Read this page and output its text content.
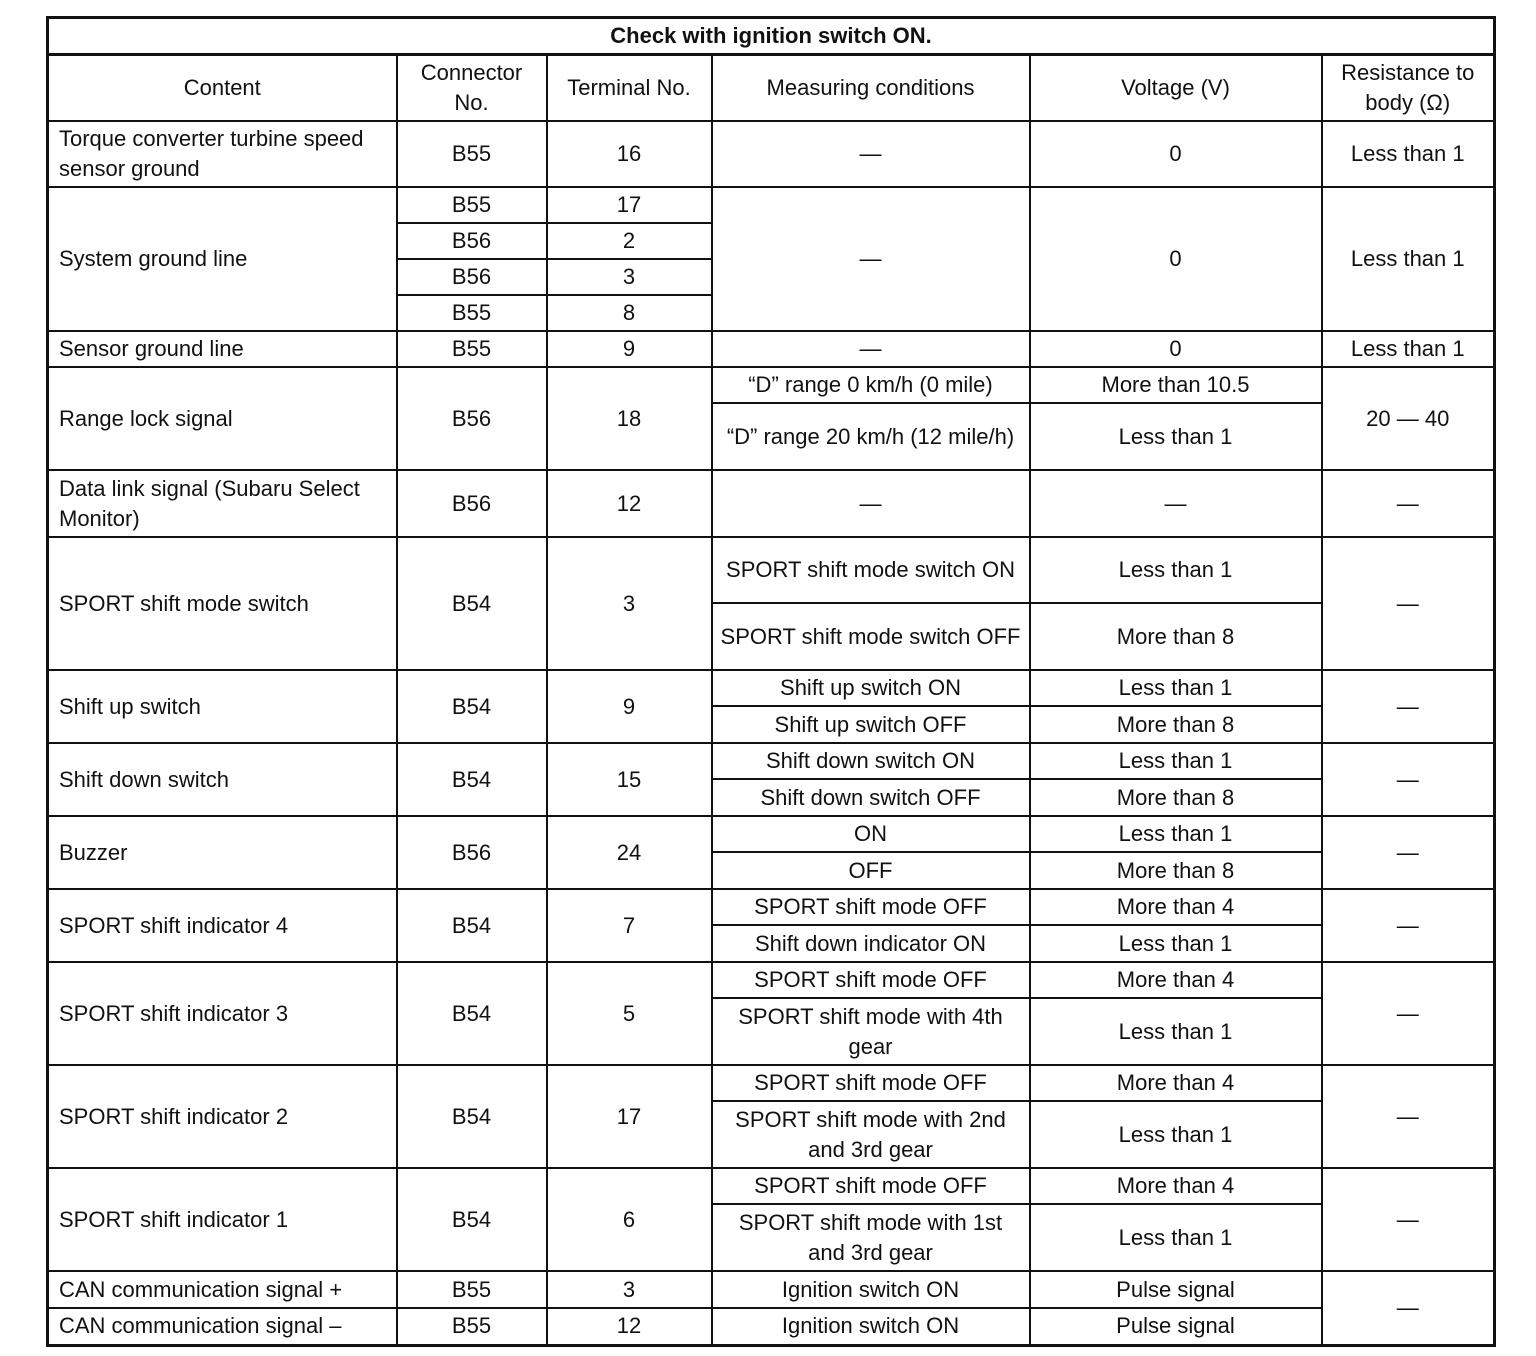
Check with ignition switch ON.					
Content	Connector No.	Terminal No.	Measuring conditions	Voltage (V)	Resistance to body (Ω)
Torque converter turbine speed sensor ground	B55	16	—	0	Less than 1
System ground line	B55	17	—	0	Less than 1
	B56	2			
	B56	3			
	B55	8			
Sensor ground line	B55	9	—	0	Less than 1
Range lock signal	B56	18	“D” range 0 km/h (0 mile)	More than 10.5	20 — 40
			“D” range 20 km/h (12 mile/h)	Less than 1	
Data link signal (Subaru Select Monitor)	B56	12	—	—	—
SPORT shift mode switch	B54	3	SPORT shift mode switch ON	Less than 1	—
			SPORT shift mode switch OFF	More than 8	
Shift up switch	B54	9	Shift up switch ON	Less than 1	—
			Shift up switch OFF	More than 8	
Shift down switch	B54	15	Shift down switch ON	Less than 1	—
			Shift down switch OFF	More than 8	
Buzzer	B56	24	ON	Less than 1	—
			OFF	More than 8	
SPORT shift indicator 4	B54	7	SPORT shift mode OFF	More than 4	—
			Shift down indicator ON	Less than 1	
SPORT shift indicator 3	B54	5	SPORT shift mode OFF	More than 4	—
			SPORT shift mode with 4th gear	Less than 1	
SPORT shift indicator 2	B54	17	SPORT shift mode OFF	More than 4	—
			SPORT shift mode with 2nd and 3rd gear	Less than 1	
SPORT shift indicator 1	B54	6	SPORT shift mode OFF	More than 4	—
			SPORT shift mode with 1st and 3rd gear	Less than 1	
CAN communication signal +	B55	3	Ignition switch ON	Pulse signal	—
CAN communication signal –	B55	12	Ignition switch ON	Pulse signal	
